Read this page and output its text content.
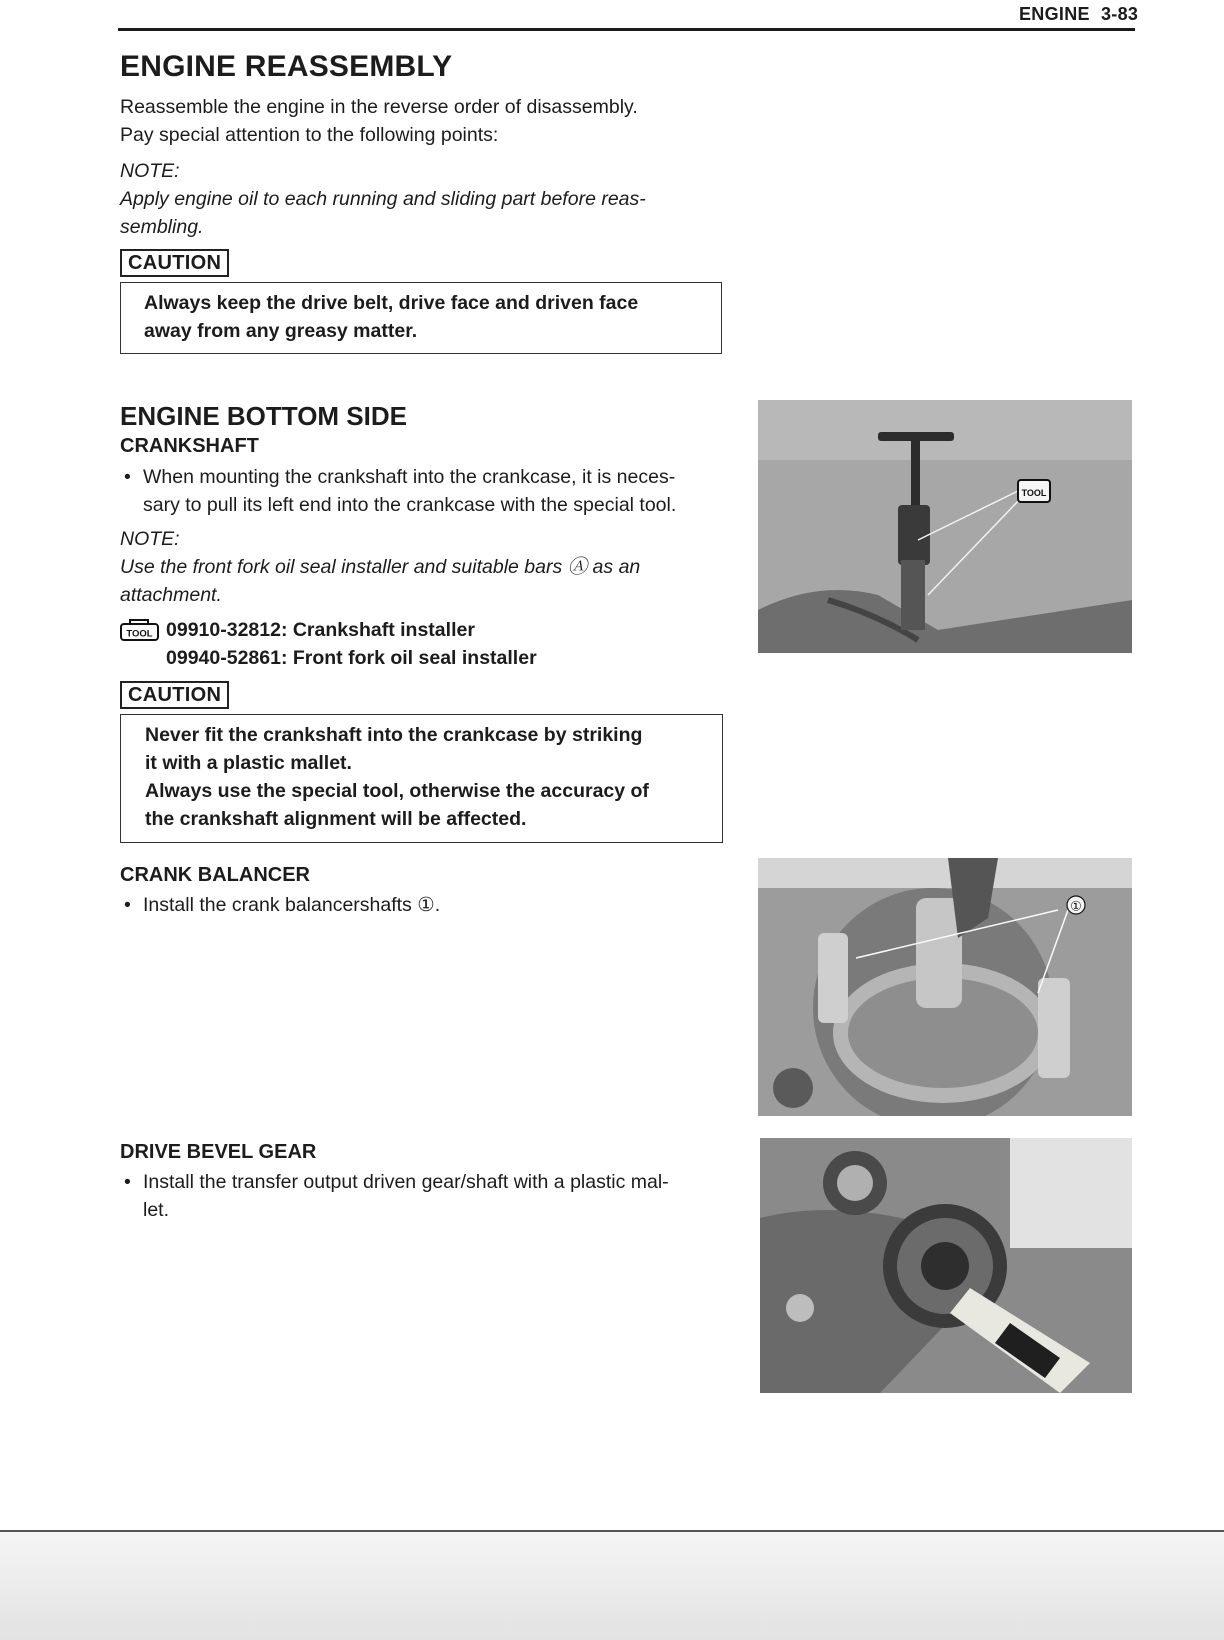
ENGINE 3-83
ENGINE REASSEMBLY
Reassemble the engine in the reverse order of disassembly.
Pay special attention to the following points:
NOTE:
Apply engine oil to each running and sliding part before reas-
sembling.
CAUTION
Always keep the drive belt, drive face and driven face
away from any greasy matter.
ENGINE BOTTOM SIDE
CRANKSHAFT
• When mounting the crankshaft into the crankcase, it is neces-
sary to pull its left end into the crankcase with the special tool.
NOTE:
Use the front fork oil seal installer and suitable bars Ⓐ as an
attachment.
TOOL 09910-32812: Crankshaft installer
09940-52861: Front fork oil seal installer
CAUTION
Never fit the crankshaft into the crankcase by striking
it with a plastic mallet.
Always use the special tool, otherwise the accuracy of
the crankshaft alignment will be affected.
CRANK BALANCER
• Install the crank balancershafts ①.
DRIVE BEVEL GEAR
• Install the transfer output driven gear/shaft with a plastic mal-
let.
TOOL
①
